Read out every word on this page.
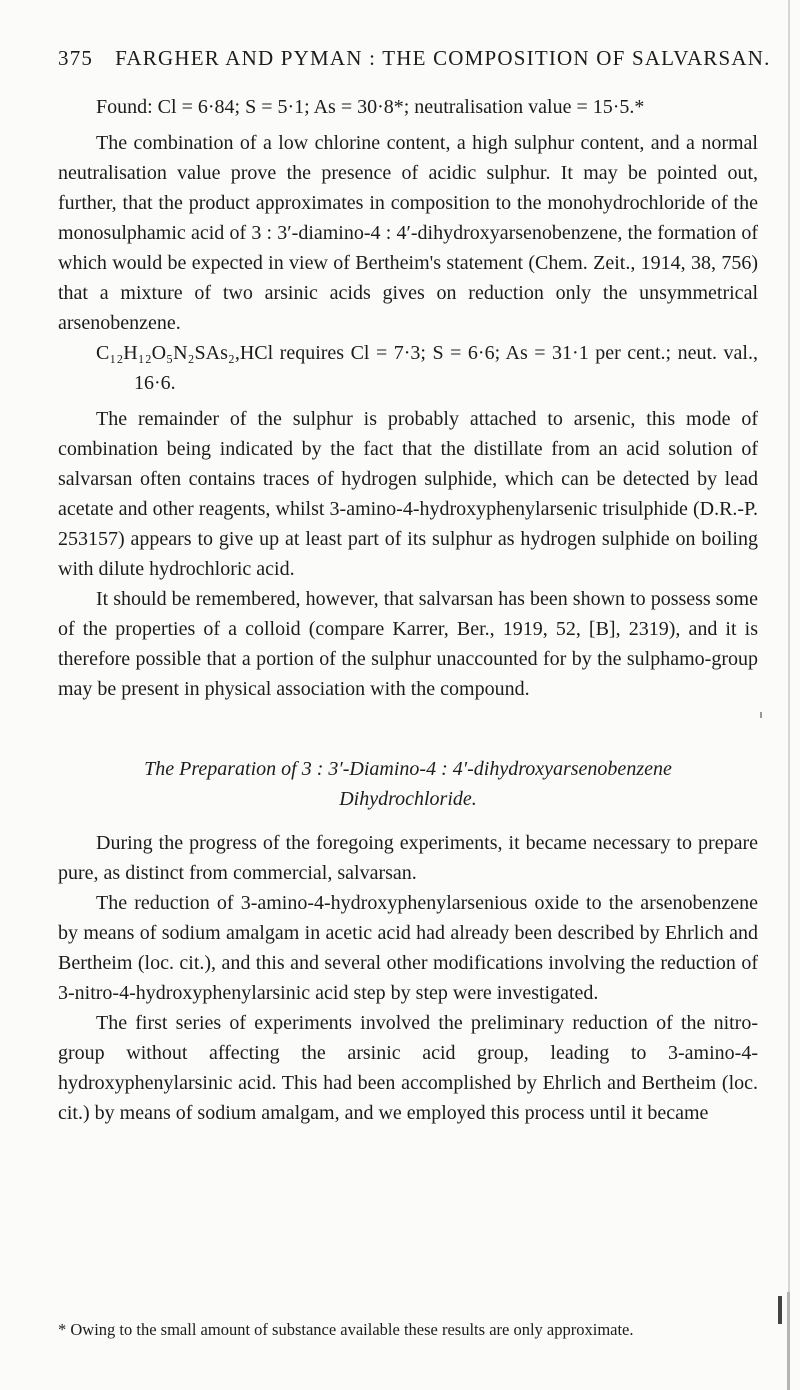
375 FARGHER AND PYMAN : THE COMPOSITION OF SALVARSAN.

Found: Cl = 6·84; S = 5·1; As = 30·8*; neutralisation value = 15·5.*

The combination of a low chlorine content, a high sulphur content, and a normal neutralisation value prove the presence of acidic sulphur. It may be pointed out, further, that the product approximates in composition to the monohydrochloride of the monosulphamic acid of 3 : 3′-diamino-4 : 4′-dihydroxyarsenobenzene, the formation of which would be expected in view of Bertheim's statement (Chem. Zeit., 1914, 38, 756) that a mixture of two arsinic acids gives on reduction only the unsymmetrical arsenobenzene.

C₁₂H₁₂O₅N₂SAs₂,HCl requires Cl = 7·3; S = 6·6; As = 31·1 per cent.; neut. val., 16·6.

The remainder of the sulphur is probably attached to arsenic, this mode of combination being indicated by the fact that the distillate from an acid solution of salvarsan often contains traces of hydrogen sulphide, which can be detected by lead acetate and other reagents, whilst 3-amino-4-hydroxyphenylarsenic trisulphide (D.R.-P. 253157) appears to give up at least part of its sulphur as hydrogen sulphide on boiling with dilute hydrochloric acid.

It should be remembered, however, that salvarsan has been shown to possess some of the properties of a colloid (compare Karrer, Ber., 1919, 52, [B], 2319), and it is therefore possible that a portion of the sulphur unaccounted for by the sulphamo-group may be present in physical association with the compound.

The Preparation of 3 : 3′-Diamino-4 : 4′-dihydroxyarsenobenzene
Dihydrochloride.

During the progress of the foregoing experiments, it became necessary to prepare pure, as distinct from commercial, salvarsan.

The reduction of 3-amino-4-hydroxyphenylarsenious oxide to the arsenobenzene by means of sodium amalgam in acetic acid had already been described by Ehrlich and Bertheim (loc. cit.), and this and several other modifications involving the reduction of 3-nitro-4-hydroxyphenylarsinic acid step by step were investigated.

The first series of experiments involved the preliminary reduction of the nitro-group without affecting the arsinic acid group, leading to 3-amino-4-hydroxyphenylarsinic acid. This had been accomplished by Ehrlich and Bertheim (loc. cit.) by means of sodium amalgam, and we employed this process until it became

* Owing to the small amount of substance available these results are only approximate.
